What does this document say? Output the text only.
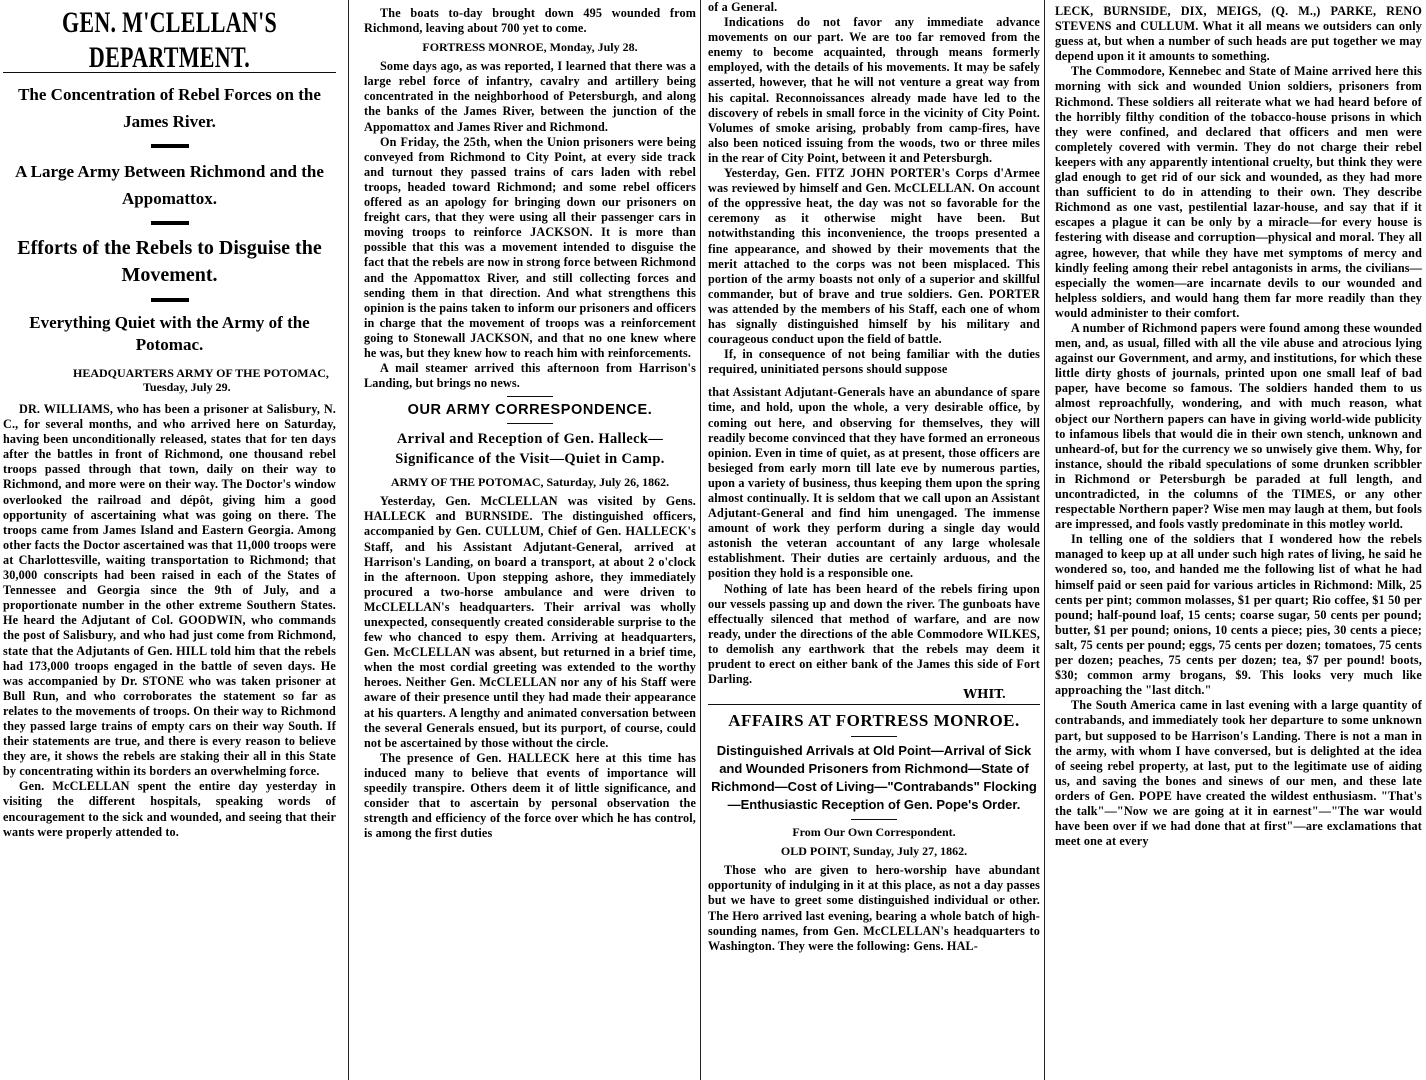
GEN. M'CLELLAN'S DEPARTMENT.

The Concentration of Rebel Forces on the James River.

A Large Army Between Richmond and the Appomattox.

Efforts of the Rebels to Disguise the Movement.

Everything Quiet with the Army of the Potomac.

HEADQUARTERS ARMY OF THE POTOMAC,
Tuesday, July 29.

DR. WILLIAMS, who has been a prisoner at Salisbury, N. C., for several months, and who arrived here on Saturday, having been unconditionally released, states that for ten days after the battles in front of Richmond, one thousand rebel troops passed through that town, daily on their way to Richmond, and more were on their way. The Doctor's window overlooked the railroad and dépôt, giving him a good opportunity of ascertaining what was going on there. The troops came from James Island and Eastern Georgia. Among other facts the Doctor ascertained was that 11,000 troops were at Charlottesville, waiting transportation to Richmond; that 30,000 conscripts had been raised in each of the States of Tennessee and Georgia since the 9th of July, and a proportionate number in the other extreme Southern States. He heard the Adjutant of Col. GOODWIN, who commands the post of Salisbury, and who had just come from Richmond, state that the Adjutants of Gen. HILL told him that the rebels had 173,000 troops engaged in the battle of seven days. He was accompanied by Dr. STONE who was taken prisoner at Bull Run, and who corroborates the statement so far as relates to the movements of troops. On their way to Richmond they passed large trains of empty cars on their way South. If their statements are true, and there is every reason to believe they are, it shows the rebels are staking their all in this State by concentrating within its borders an overwhelming force.

Gen. McCLELLAN spent the entire day yesterday in visiting the different hospitals, speaking words of encouragement to the sick and wounded, and seeing that their wants were properly attended to.

The boats to-day brought down 495 wounded from Richmond, leaving about 700 yet to come.

FORTRESS MONROE, Monday, July 28.

Some days ago, as was reported, I learned that there was a large rebel force of infantry, cavalry and artillery being concentrated in the neighborhood of Petersburgh, and along the banks of the James River, between the junction of the Appomattox and James River and Richmond.

On Friday, the 25th, when the Union prisoners were being conveyed from Richmond to City Point, at every side track and turnout they passed trains of cars laden with rebel troops, headed toward Richmond; and some rebel officers offered as an apology for bringing down our prisoners on freight cars, that they were using all their passenger cars in moving troops to reinforce JACKSON. It is more than possible that this was a movement intended to disguise the fact that the rebels are now in strong force between Richmond and the Appomattox River, and still collecting forces and sending them in that direction. And what strengthens this opinion is the pains taken to inform our prisoners and officers in charge that the movement of troops was a reinforcement going to Stonewall JACKSON, and that no one knew where he was, but they knew how to reach him with reinforcements.

A mail steamer arrived this afternoon from Harrison's Landing, but brings no news.

OUR ARMY CORRESPONDENCE.
Arrival and Reception of Gen. Halleck—Significance of the Visit—Quiet in Camp.
ARMY OF THE POTOMAC, Saturday, July 26, 1862.

Yesterday, Gen. McCLELLAN was visited by Gens. HALLECK and BURNSIDE. The distinguished officers, accompanied by Gen. CULLUM, Chief of Gen. HALLECK's Staff, and his Assistant Adjutant-General, arrived at Harrison's Landing, on board a transport, at about 2 o'clock in the afternoon. Upon stepping ashore, they immediately procured a two-horse ambulance and were driven to McCLELLAN's headquarters. Their arrival was wholly unexpected, consequently created considerable surprise to the few who chanced to espy them. Arriving at headquarters, Gen. McCLELLAN was absent, but returned in a brief time, when the most cordial greeting was extended to the worthy heroes. Neither Gen. McCLELLAN nor any of his Staff were aware of their presence until they had made their appearance at his quarters. A lengthy and animated conversation between the several Generals ensued, but its purport, of course, could not be ascertained by those without the circle.

The presence of Gen. HALLECK here at this time has induced many to believe that events of importance will speedily transpire. Others deem it of little significance, and consider that to ascertain by personal observation the strength and efficiency of the force over which he has control, is among the first duties

of a General.

Indications do not favor any immediate advance movements on our part. We are too far removed from the enemy to become acquainted, through means formerly employed, with the details of his movements. It may be safely asserted, however, that he will not venture a great way from his capital. Reconnoissances already made have led to the discovery of rebels in small force in the vicinity of City Point. Volumes of smoke arising, probably from camp-fires, have also been noticed issuing from the woods, two or three miles in the rear of City Point, between it and Petersburgh.

Yesterday, Gen. FITZ JOHN PORTER's Corps d'Armee was reviewed by himself and Gen. McCLELLAN. On account of the oppressive heat, the day was not so favorable for the ceremony as it otherwise might have been. But notwithstanding this inconvenience, the troops presented a fine appearance, and showed by their movements that the merit attached to the corps was not been misplaced. This portion of the army boasts not only of a superior and skillful commander, but of brave and true soldiers. Gen. PORTER was attended by the members of his Staff, each one of whom has signally distinguished himself by his military and courageous conduct upon the field of battle.

If, in consequence of not being familiar with the duties required, uninitiated persons should suppose

that Assistant Adjutant-Generals have an abundance of spare time, and hold, upon the whole, a very desirable office, by coming out here, and observing for themselves, they will readily become convinced that they have formed an erroneous opinion. Even in time of quiet, as at present, those officers are besieged from early morn till late eve by numerous parties, upon a variety of business, thus keeping them upon the spring almost continually. It is seldom that we call upon an Assistant Adjutant-General and find him unengaged. The immense amount of work they perform during a single day would astonish the veteran accountant of any large wholesale establishment. Their duties are certainly arduous, and the position they hold is a responsible one.

Nothing of late has been heard of the rebels firing upon our vessels passing up and down the river. The gunboats have effectually silenced that method of warfare, and are now ready, under the directions of the able Commodore WILKES, to demolish any earthwork that the rebels may deem it prudent to erect on either bank of the James this side of Fort Darling.

WHIT.
AFFAIRS AT FORTRESS MONROE.
Distinguished Arrivals at Old Point—Arrival of Sick and Wounded Prisoners from Richmond—State of Richmond—Cost of Living—"Contrabands" Flocking—Enthusiastic Reception of Gen. Pope's Order.
From Our Own Correspondent.
OLD POINT, Sunday, July 27, 1862.

Those who are given to hero-worship have abundant opportunity of indulging in it at this place, as not a day passes but we have to greet some distinguished individual or other. The Hero arrived last evening, bearing a whole batch of high-sounding names, from Gen. McCLELLAN's headquarters to Washington. They were the following: Gens. HAL-

LECK, BURNSIDE, DIX, MEIGS, (Q. M.,) PARKE, RENO STEVENS and CULLUM. What it all means we outsiders can only guess at, but when a number of such heads are put together we may depend upon it it amounts to something.

The Commodore, Kennebec and State of Maine arrived here this morning with sick and wounded Union soldiers, prisoners from Richmond. These soldiers all reiterate what we had heard before of the horribly filthy condition of the tobacco-house prisons in which they were confined, and declared that officers and men were completely covered with vermin. They do not charge their rebel keepers with any apparently intentional cruelty, but think they were glad enough to get rid of our sick and wounded, as they had more than sufficient to do in attending to their own. They describe Richmond as one vast, pestilential lazar-house, and say that if it escapes a plague it can be only by a miracle—for every house is festering with disease and corruption—physical and moral. They all agree, however, that while they have met symptoms of mercy and kindly feeling among their rebel antagonists in arms, the civilians—especially the women—are incarnate devils to our wounded and helpless soldiers, and would hang them far more readily than they would administer to their comfort.

A number of Richmond papers were found among these wounded men, and, as usual, filled with all the vile abuse and atrocious lying against our Government, and army, and institutions, for which these little dirty ghosts of journals, printed upon one small leaf of bad paper, have become so famous. The soldiers handed them to us almost reproachfully, wondering, and with much reason, what object our Northern papers can have in giving world-wide publicity to infamous libels that would die in their own stench, unknown and unheard-of, but for the currency we so unwisely give them. Why, for instance, should the ribald speculations of some drunken scribbler in Richmond or Petersburgh be paraded at full length, and uncontradicted, in the columns of the TIMES, or any other respectable Northern paper? Wise men may laugh at them, but fools are impressed, and fools vastly predominate in this motley world.

In telling one of the soldiers that I wondered how the rebels managed to keep up at all under such high rates of living, he said he wondered so, too, and handed me the following list of what he had himself paid or seen paid for various articles in Richmond: Milk, 25 cents per pint; common molasses, $1 per quart; Rio coffee, $1 50 per pound; half-pound loaf, 15 cents; coarse sugar, 50 cents per pound; butter, $1 per pound; onions, 10 cents a piece; pies, 30 cents a piece; salt, 75 cents per pound; eggs, 75 cents per dozen; tomatoes, 75 cents per dozen; peaches, 75 cents per dozen; tea, $7 per pound! boots, $30; common army brogans, $9. This looks very much like approaching the "last ditch."

The South America came in last evening with a large quantity of contrabands, and immediately took her departure to some unknown part, but supposed to be Harrison's Landing. There is not a man in the army, with whom I have conversed, but is delighted at the idea of seeing rebel property, at last, put to the legitimate use of aiding us, and saving the bones and sinews of our men, and these late orders of Gen. POPE have created the wildest enthusiasm. "That's the talk"—"Now we are going at it in earnest"—"The war would have been over if we had done that at first"—are exclamations that meet one at every
